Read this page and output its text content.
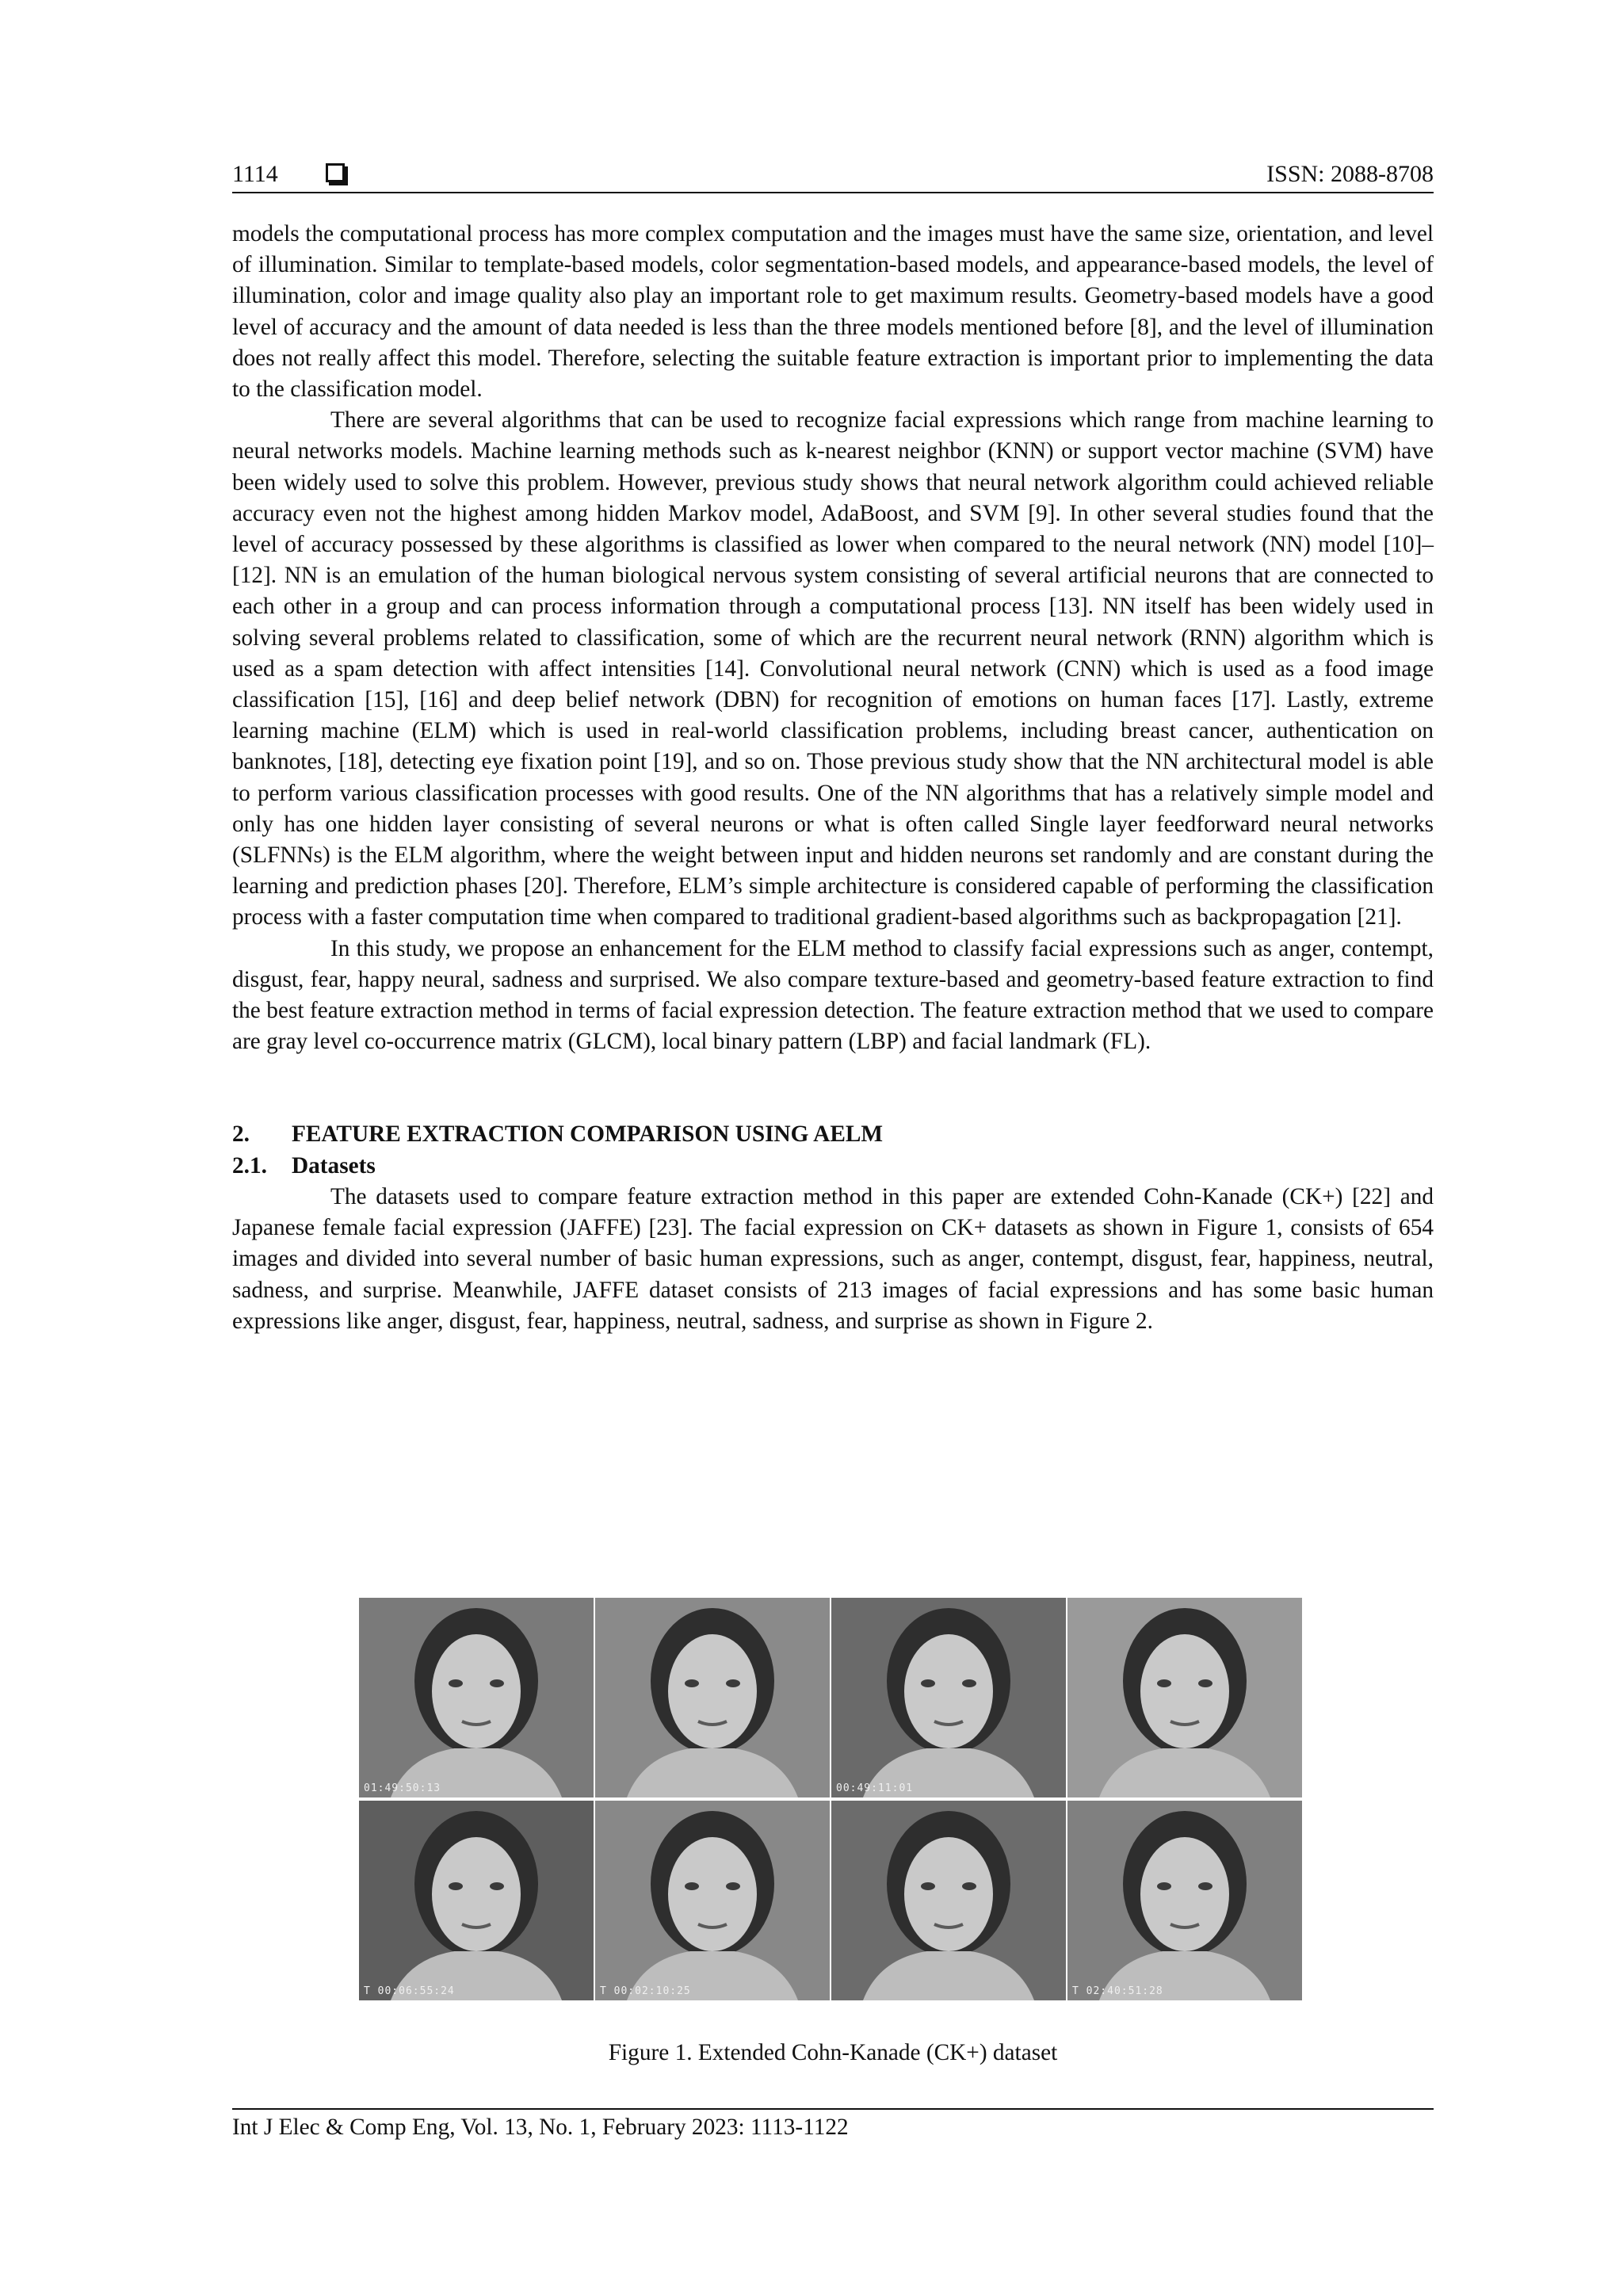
1114	ISSN: 2088-8708

models the computational process has more complex computation and the images must have the same size, orientation, and level of illumination. Similar to template-based models, color segmentation-based models, and appearance-based models, the level of illumination, color and image quality also play an important role to get maximum results. Geometry-based models have a good level of accuracy and the amount of data needed is less than the three models mentioned before [8], and the level of illumination does not really affect this model. Therefore, selecting the suitable feature extraction is important prior to implementing the data to the classification model.

There are several algorithms that can be used to recognize facial expressions which range from machine learning to neural networks models. Machine learning methods such as k-nearest neighbor (KNN) or support vector machine (SVM) have been widely used to solve this problem. However, previous study shows that neural network algorithm could achieved reliable accuracy even not the highest among hidden Markov model, AdaBoost, and SVM [9]. In other several studies found that the level of accuracy possessed by these algorithms is classified as lower when compared to the neural network (NN) model [10]–[12]. NN is an emulation of the human biological nervous system consisting of several artificial neurons that are connected to each other in a group and can process information through a computational process [13]. NN itself has been widely used in solving several problems related to classification, some of which are the recurrent neural network (RNN) algorithm which is used as a spam detection with affect intensities [14]. Convolutional neural network (CNN) which is used as a food image classification [15], [16] and deep belief network (DBN) for recognition of emotions on human faces [17]. Lastly, extreme learning machine (ELM) which is used in real-world classification problems, including breast cancer, authentication on banknotes, [18], detecting eye fixation point [19], and so on. Those previous study show that the NN architectural model is able to perform various classification processes with good results. One of the NN algorithms that has a relatively simple model and only has one hidden layer consisting of several neurons or what is often called Single layer feedforward neural networks (SLFNNs) is the ELM algorithm, where the weight between input and hidden neurons set randomly and are constant during the learning and prediction phases [20]. Therefore, ELM’s simple architecture is considered capable of performing the classification process with a faster computation time when compared to traditional gradient-based algorithms such as backpropagation [21].

In this study, we propose an enhancement for the ELM method to classify facial expressions such as anger, contempt, disgust, fear, happy neural, sadness and surprised. We also compare texture-based and geometry-based feature extraction to find the best feature extraction method in terms of facial expression detection. The feature extraction method that we used to compare are gray level co-occurrence matrix (GLCM), local binary pattern (LBP) and facial landmark (FL).

2. FEATURE EXTRACTION COMPARISON USING AELM

2.1. Datasets

The datasets used to compare feature extraction method in this paper are extended Cohn-Kanade (CK+) [22] and Japanese female facial expression (JAFFE) [23]. The facial expression on CK+ datasets as shown in Figure 1, consists of 654 images and divided into several number of basic human expressions, such as anger, contempt, disgust, fear, happiness, neutral, sadness, and surprise. Meanwhile, JAFFE dataset consists of 213 images of facial expressions and has some basic human expressions like anger, disgust, fear, happiness, neutral, sadness, and surprise as shown in Figure 2.

01:49:50:13	00:49:11:01
T 00:06:55:24	T 00:02:10:25	T 02:40:51:28
Figure 1. Extended Cohn-Kanade (CK+) dataset
Int J Elec & Comp Eng, Vol. 13, No. 1, February 2023: 1113-1122
